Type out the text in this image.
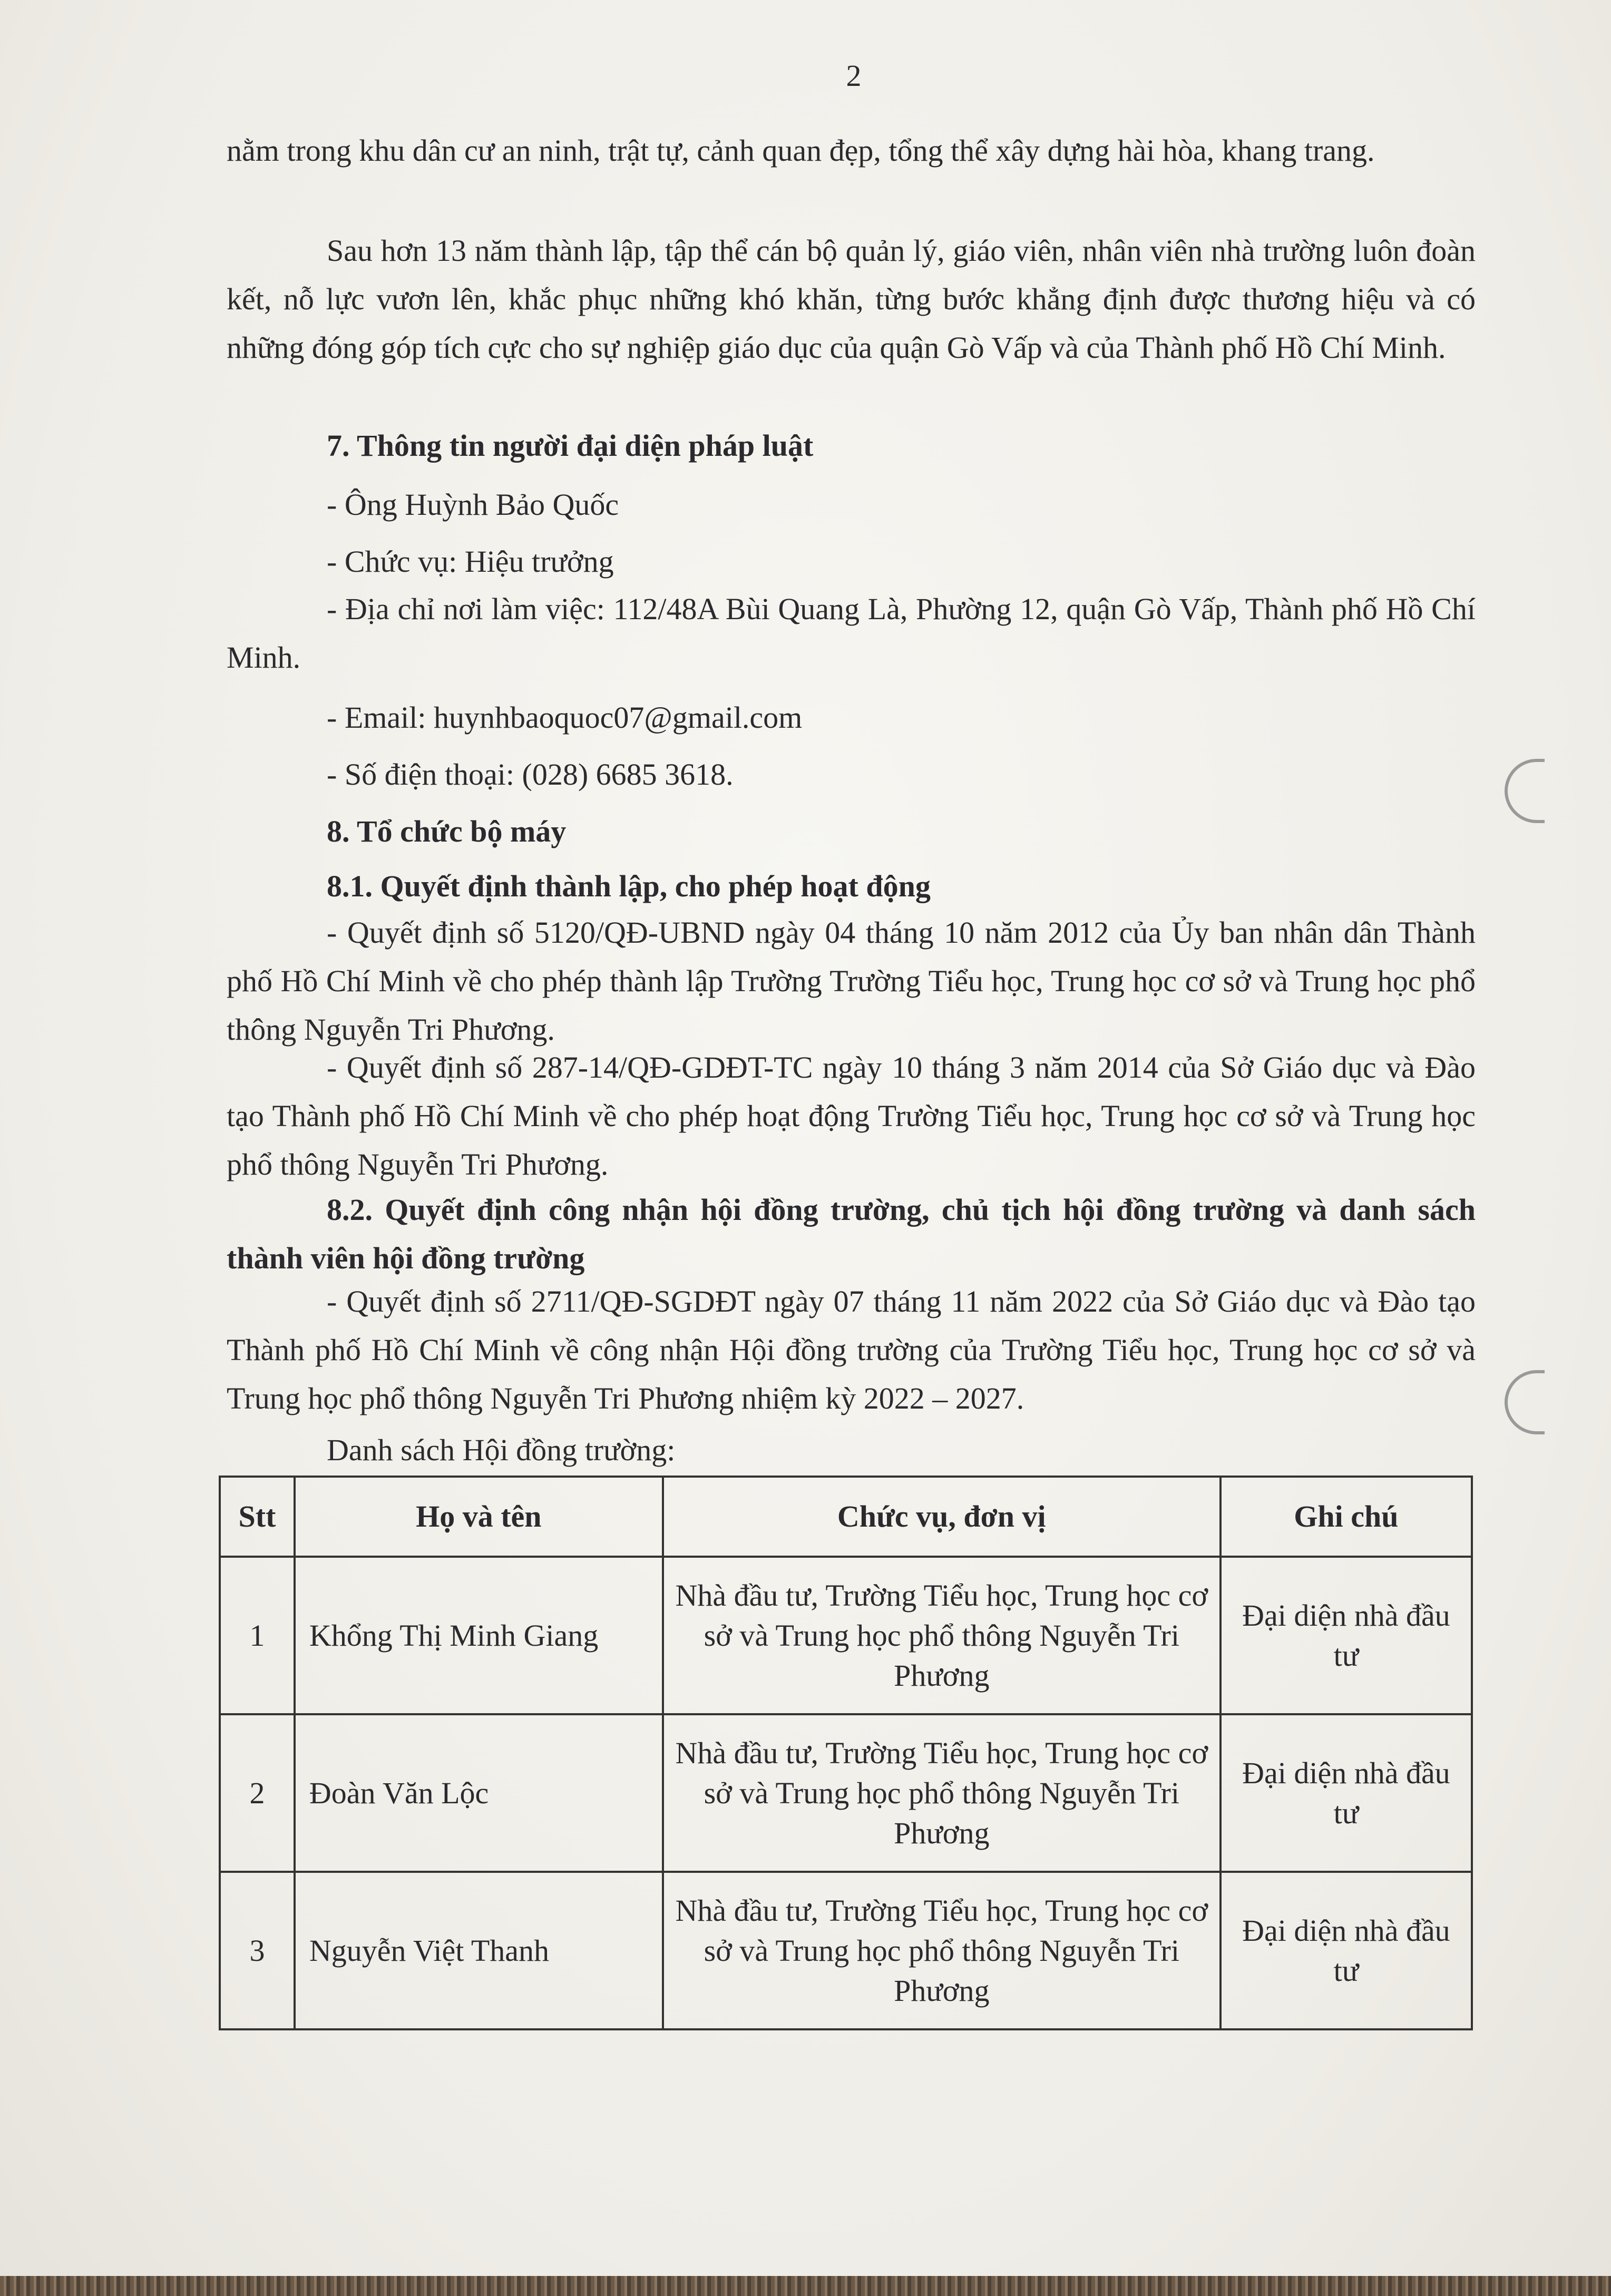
2
nằm trong khu dân cư an ninh, trật tự, cảnh quan đẹp, tổng thể xây dựng hài hòa, khang trang.
Sau hơn 13 năm thành lập, tập thể cán bộ quản lý, giáo viên, nhân viên nhà trường luôn đoàn kết, nỗ lực vươn lên, khắc phục những khó khăn, từng bước khẳng định được thương hiệu và có những đóng góp tích cực cho sự nghiệp giáo dục của quận Gò Vấp và của Thành phố Hồ Chí Minh.
7. Thông tin người đại diện pháp luật
- Ông Huỳnh Bảo Quốc
- Chức vụ: Hiệu trưởng
- Địa chỉ nơi làm việc: 112/48A Bùi Quang Là, Phường 12, quận Gò Vấp, Thành phố Hồ Chí Minh.
- Email: huynhbaoquoc07@gmail.com
- Số điện thoại: (028) 6685 3618.
8. Tổ chức bộ máy
8.1. Quyết định thành lập, cho phép hoạt động
- Quyết định số 5120/QĐ-UBND ngày 04 tháng 10 năm 2012 của Ủy ban nhân dân Thành phố Hồ Chí Minh về cho phép thành lập Trường Trường Tiểu học, Trung học cơ sở và Trung học phổ thông Nguyễn Tri Phương.
- Quyết định số 287-14/QĐ-GDĐT-TC ngày 10 tháng 3 năm 2014 của Sở Giáo dục và Đào tạo Thành phố Hồ Chí Minh về cho phép hoạt động Trường Tiểu học, Trung học cơ sở và Trung học phổ thông Nguyễn Tri Phương.
8.2. Quyết định công nhận hội đồng trường, chủ tịch hội đồng trường và danh sách thành viên hội đồng trường
- Quyết định số 2711/QĐ-SGDĐT ngày 07 tháng 11 năm 2022 của Sở Giáo dục và Đào tạo Thành phố Hồ Chí Minh về công nhận Hội đồng trường của Trường Tiểu học, Trung học cơ sở và Trung học phổ thông Nguyễn Tri Phương nhiệm kỳ 2022 – 2027.
Danh sách Hội đồng trường:
Stt	Họ và tên	Chức vụ, đơn vị	Ghi chú
1	Khổng Thị Minh Giang	Nhà đầu tư, Trường Tiểu học, Trung học cơ sở và Trung học phổ thông Nguyễn Tri Phương	Đại diện nhà đầu tư
2	Đoàn Văn Lộc	Nhà đầu tư, Trường Tiểu học, Trung học cơ sở và Trung học phổ thông Nguyễn Tri Phương	Đại diện nhà đầu tư
3	Nguyễn Việt Thanh	Nhà đầu tư, Trường Tiểu học, Trung học cơ sở và Trung học phổ thông Nguyễn Tri Phương	Đại diện nhà đầu tư
